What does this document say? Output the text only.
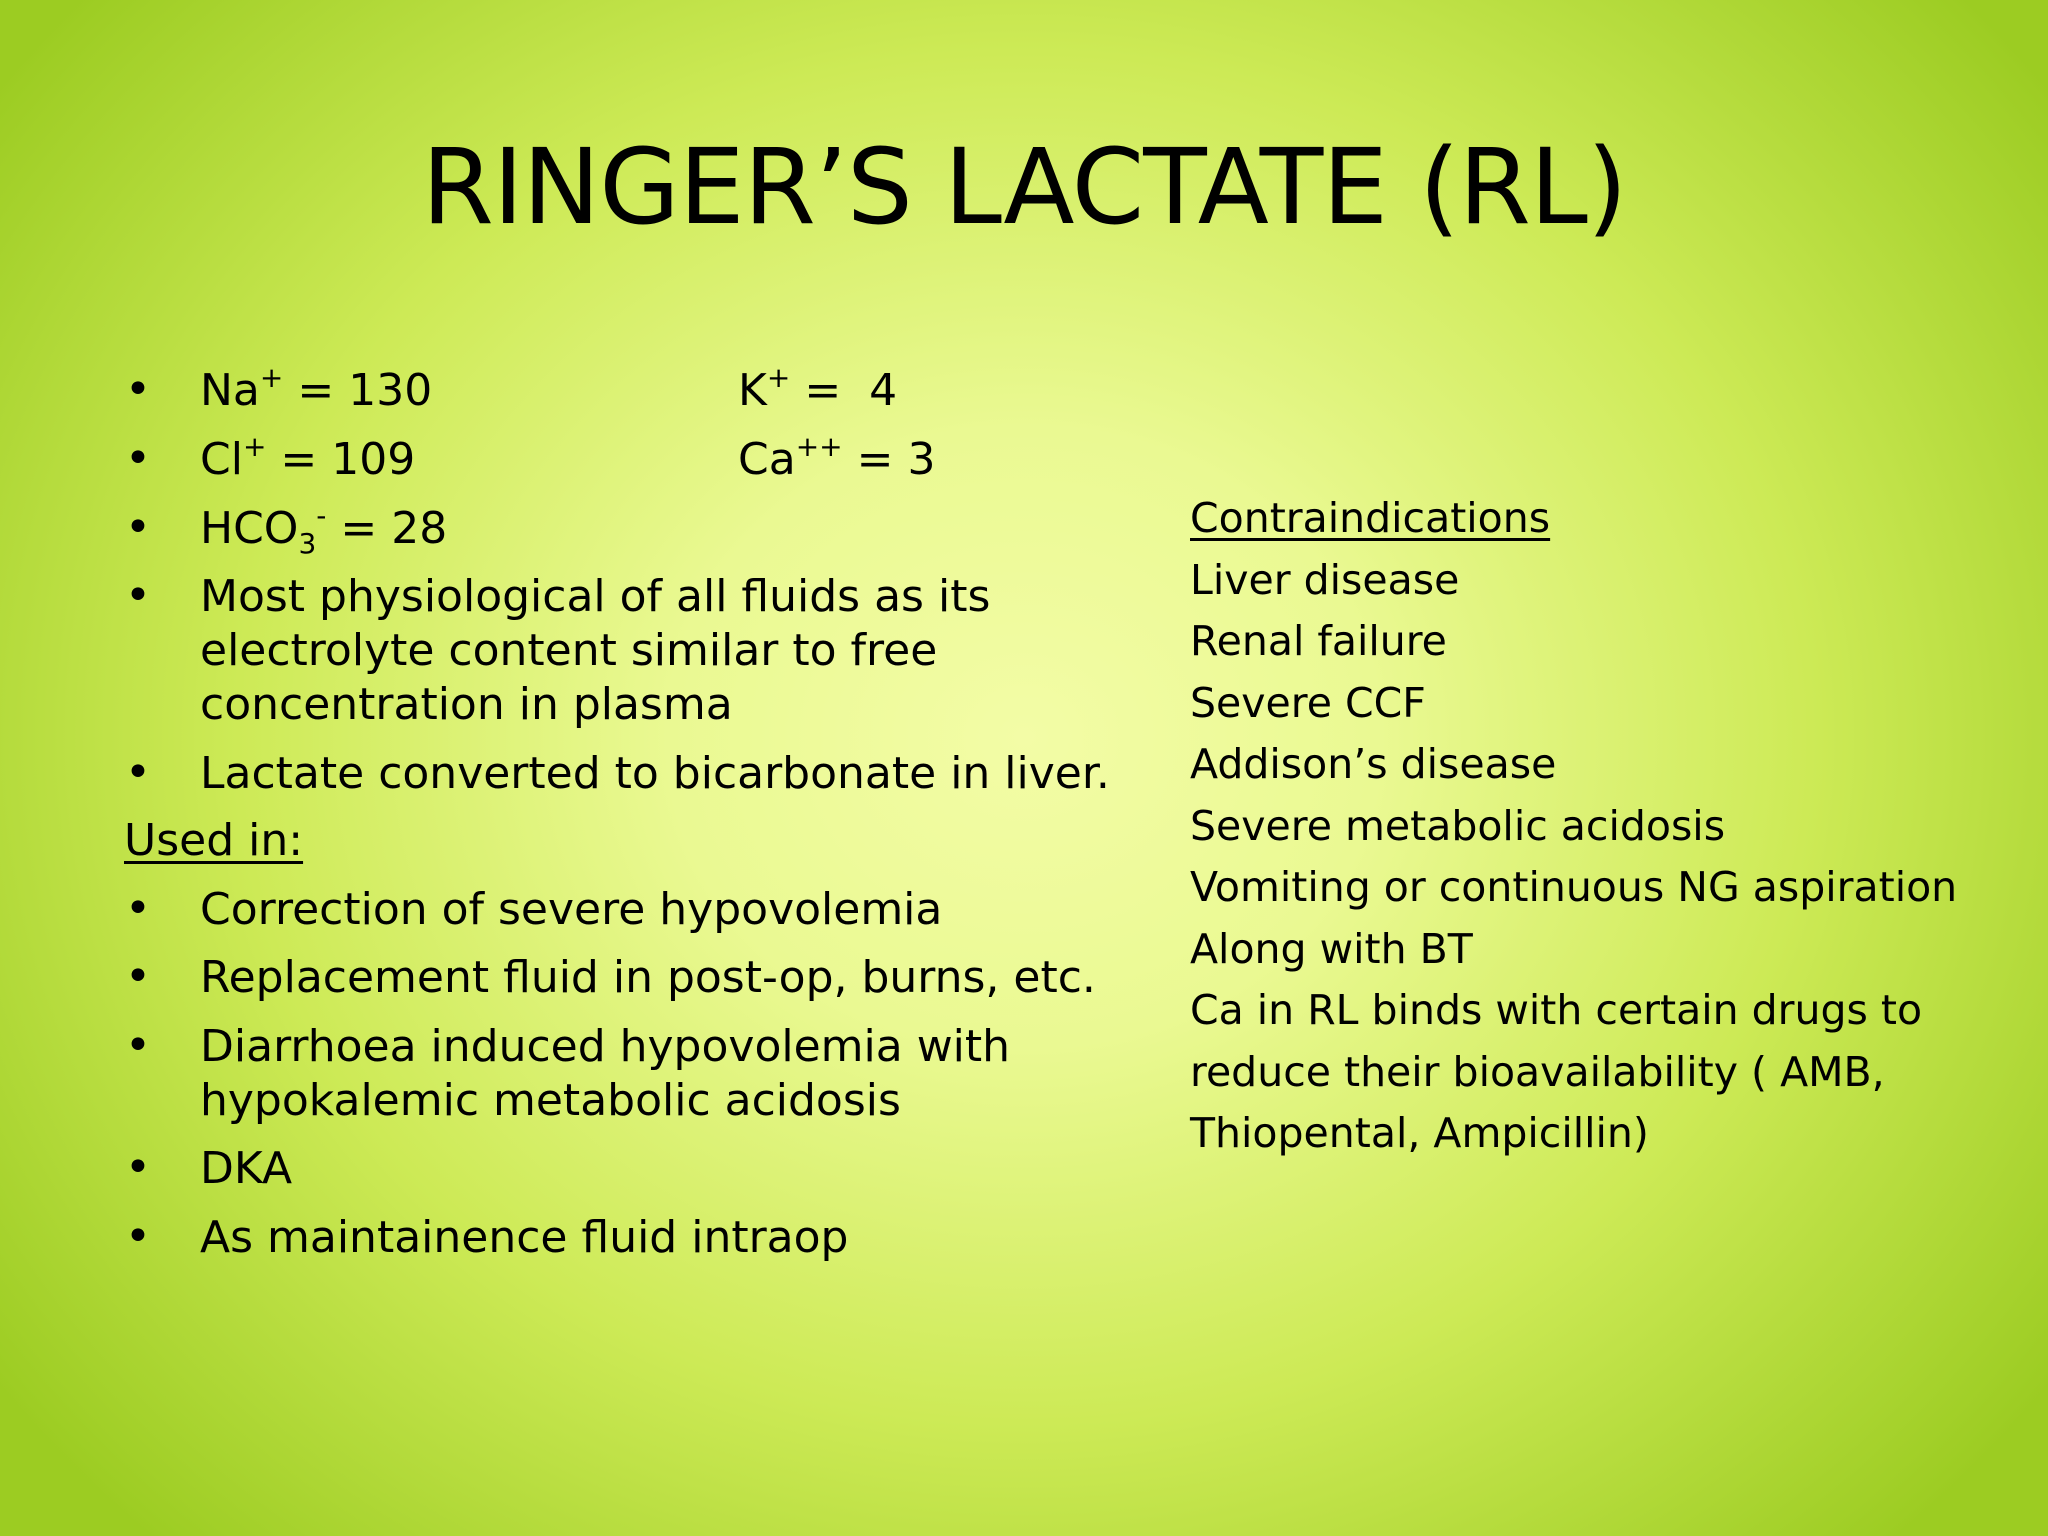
RINGER’S LACTATE (RL)
•
Na+ = 130	K+ =  4
•
Cl+ = 109	Ca++ = 3
•
$HCO_3^- = 28$
•
Most physiological of all fluids as its
electrolyte content similar to free
concentration in plasma
•
Lactate converted to bicarbonate in liver.
Used in:
•
Correction of severe hypovolemia
•
Replacement fluid in post-op, burns, etc.
•
Diarrhoea induced hypovolemia with
hypokalemic metabolic acidosis
•
DKA
•
As maintainence fluid intraop
Contraindications
Liver disease
Renal failure
Severe CCF
Addison’s disease
Severe metabolic acidosis
Vomiting or continuous NG aspiration
Along with BT
Ca in RL binds with certain drugs to
reduce their bioavailability ( AMB,
Thiopental, Ampicillin)
